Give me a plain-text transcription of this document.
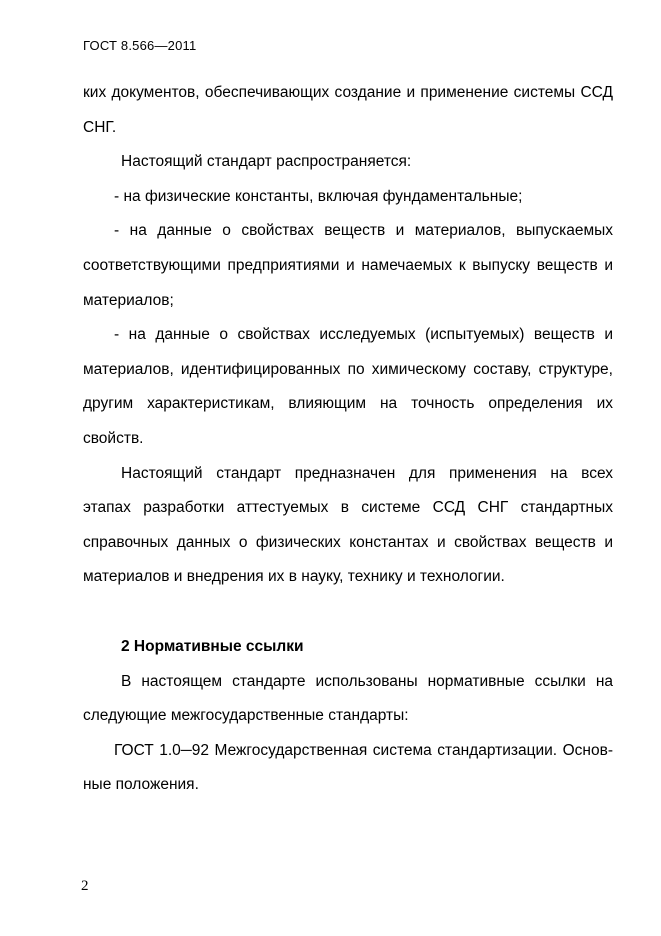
ГОСТ 8.566—2011

ких документов, обеспечивающих создание и применение системы ССД

СНГ.

Настоящий стандарт распространяется:

- на физические константы, включая фундаментальные;

- на данные о свойствах веществ и материалов, выпускаемых

соответствующими предприятиями и намечаемых к выпуску веществ и

материалов;

- на данные о свойствах исследуемых (испытуемых) веществ и

материалов, идентифицированных по химическому составу, структуре,

другим характеристикам, влияющим на точность определения их

свойств.

Настоящий стандарт предназначен для применения на всех

этапах разработки аттестуемых в системе ССД СНГ стандартных

справочных данных о физических константах и свойствах веществ и

материалов и внедрения их в науку, технику и технологии.

2 Нормативные ссылки

В настоящем стандарте использованы нормативные ссылки на

следующие межгосударственные стандарты:

ГОСТ 1.0─92 Межгосударственная система стандартизации. Основ-

ные положения.

2
